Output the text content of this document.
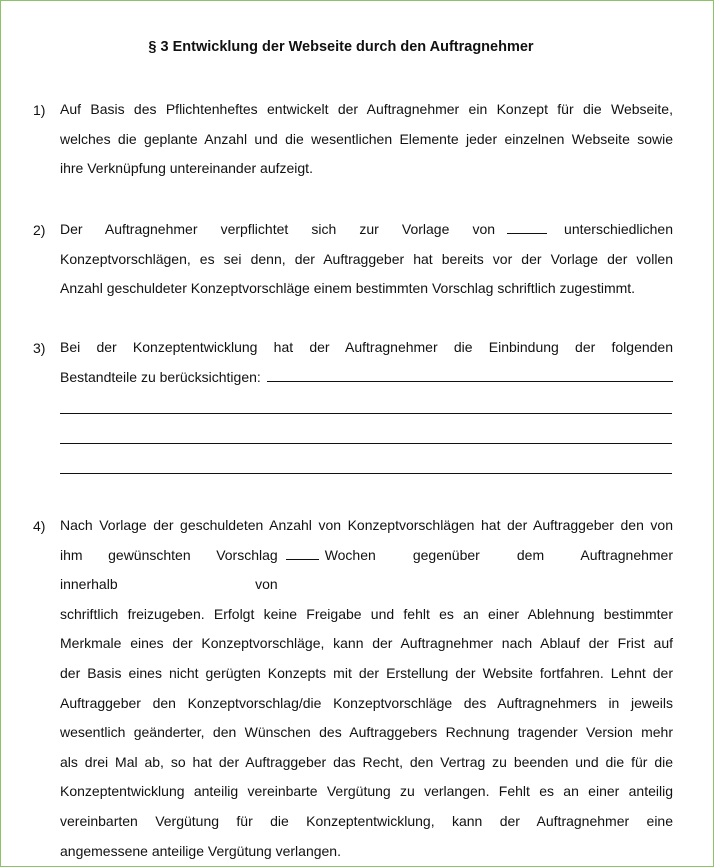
§ 3 Entwicklung der Webseite durch den Auftragnehmer
1) Auf Basis des Pflichtenheftes entwickelt der Auftragnehmer ein Konzept für die Webseite,
welches die geplante Anzahl und die wesentlichen Elemente jeder einzelnen Webseite sowie
ihre Verknüpfung untereinander aufzeigt.
2) Der Auftragnehmer verpflichtet sich zur Vorlage von	unterschiedlichen
Konzeptvorschlägen, es sei denn, der Auftraggeber hat bereits vor der Vorlage der vollen
Anzahl geschuldeter Konzeptvorschläge einem bestimmten Vorschlag schriftlich zugestimmt.
3) Bei der Konzeptentwicklung hat der Auftragnehmer die Einbindung der folgenden
Bestandteile zu berücksichtigen:
4) Nach Vorlage der geschuldeten Anzahl von Konzeptvorschlägen hat der Auftraggeber den von
ihm gewünschten Vorschlag innerhalb von
Wochen gegenüber dem Auftragnehmer
schriftlich freizugeben. Erfolgt keine Freigabe und fehlt es an einer Ablehnung bestimmter
Merkmale eines der Konzeptvorschläge, kann der Auftragnehmer nach Ablauf der Frist auf
der Basis eines nicht gerügten Konzepts mit der Erstellung der Website fortfahren. Lehnt der
Auftraggeber den Konzeptvorschlag/die Konzeptvorschläge des Auftragnehmers in jeweils
wesentlich geänderter, den Wünschen des Auftraggebers Rechnung tragender Version mehr
als drei Mal ab, so hat der Auftraggeber das Recht, den Vertrag zu beenden und die für die
Konzeptentwicklung anteilig vereinbarte Vergütung zu verlangen. Fehlt es an einer anteilig
vereinbarten Vergütung für die Konzeptentwicklung, kann der Auftragnehmer eine
angemessene anteilige Vergütung verlangen.
